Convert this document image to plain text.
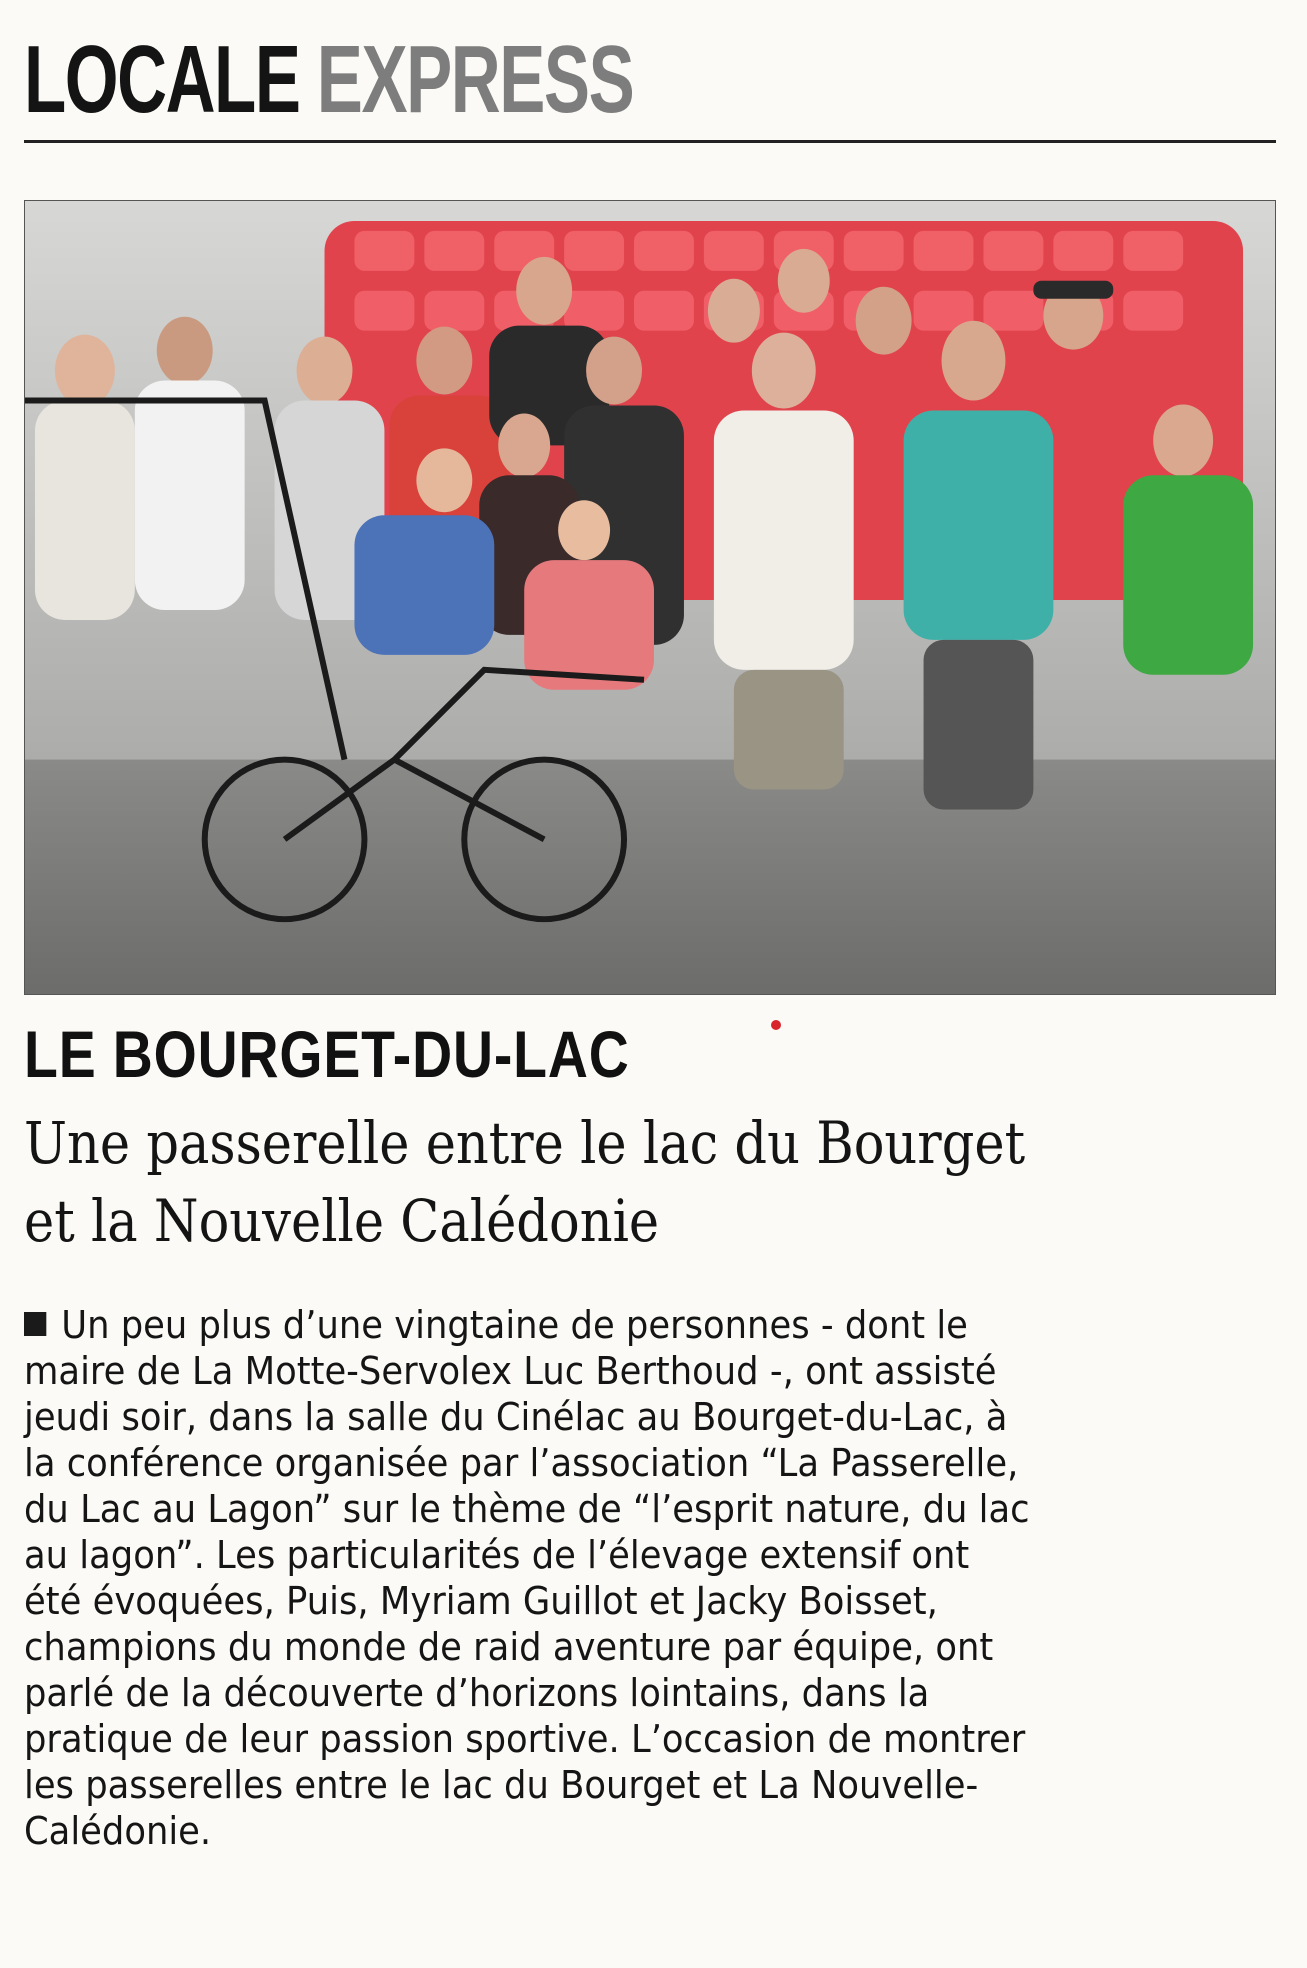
LOCALE EXPRESS
LE BOURGET-DU-LAC
Une passerelle entre le lac du Bourget
et la Nouvelle Calédonie
Un peu plus d’une vingtaine de personnes - dont le
maire de La Motte-Servolex Luc Berthoud -, ont assisté
jeudi soir, dans la salle du Cinélac au Bourget-du-Lac, à
la conférence organisée par l’association “La Passerelle,
du Lac au Lagon” sur le thème de “l’esprit nature, du lac
au lagon”. Les particularités de l’élevage extensif ont
été évoquées, Puis, Myriam Guillot et Jacky Boisset,
champions du monde de raid aventure par équipe, ont
parlé de la découverte d’horizons lointains, dans la
pratique de leur passion sportive. L’occasion de montrer
les passerelles entre le lac du Bourget et La Nouvelle-
Calédonie.
